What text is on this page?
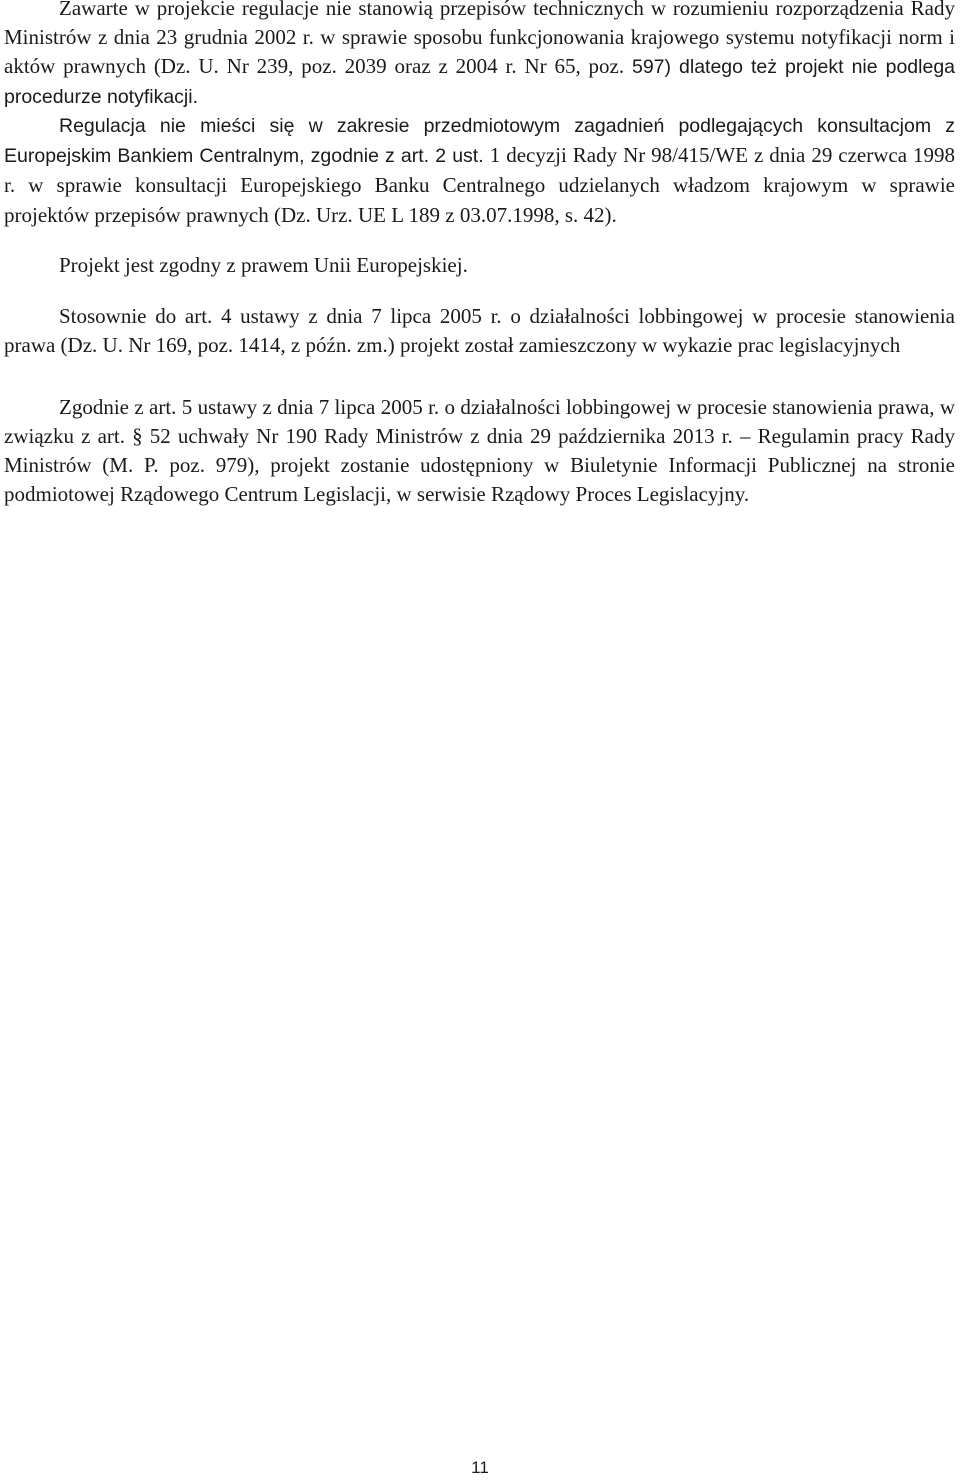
Zawarte w projekcie regulacje nie stanowią przepisów technicznych w rozumieniu rozporządzenia Rady Ministrów z dnia 23 grudnia 2002 r. w sprawie sposobu funkcjonowania krajowego systemu notyfikacji norm i aktów prawnych (Dz. U. Nr 239, poz. 2039 oraz z 2004 r. Nr 65, poz. 597) dlatego też projekt nie podlega procedurze notyfikacji.

Regulacja nie mieści się w zakresie przedmiotowym zagadnień podlegających konsultacjom z Europejskim Bankiem Centralnym, zgodnie z art. 2 ust. 1 decyzji Rady Nr 98/415/WE z dnia 29 czerwca 1998 r. w sprawie konsultacji Europejskiego Banku Centralnego udzielanych władzom krajowym w sprawie projektów przepisów prawnych (Dz. Urz. UE L 189 z 03.07.1998, s. 42).

Projekt jest zgodny z prawem Unii Europejskiej.

Stosownie do art. 4 ustawy z dnia 7 lipca 2005 r. o działalności lobbingowej w procesie stanowienia prawa (Dz. U. Nr 169, poz. 1414, z późn. zm.) projekt został zamieszczony w wykazie prac legislacyjnych

Zgodnie z art. 5 ustawy z dnia 7 lipca 2005 r. o działalności lobbingowej w procesie stanowienia prawa, w związku z art. § 52 uchwały Nr 190 Rady Ministrów z dnia 29 października 2013 r. – Regulamin pracy Rady Ministrów (M. P. poz. 979), projekt zostanie udostępniony w Biuletynie Informacji Publicznej na stronie podmiotowej Rządowego Centrum Legislacji, w serwisie Rządowy Proces Legislacyjny.

11
